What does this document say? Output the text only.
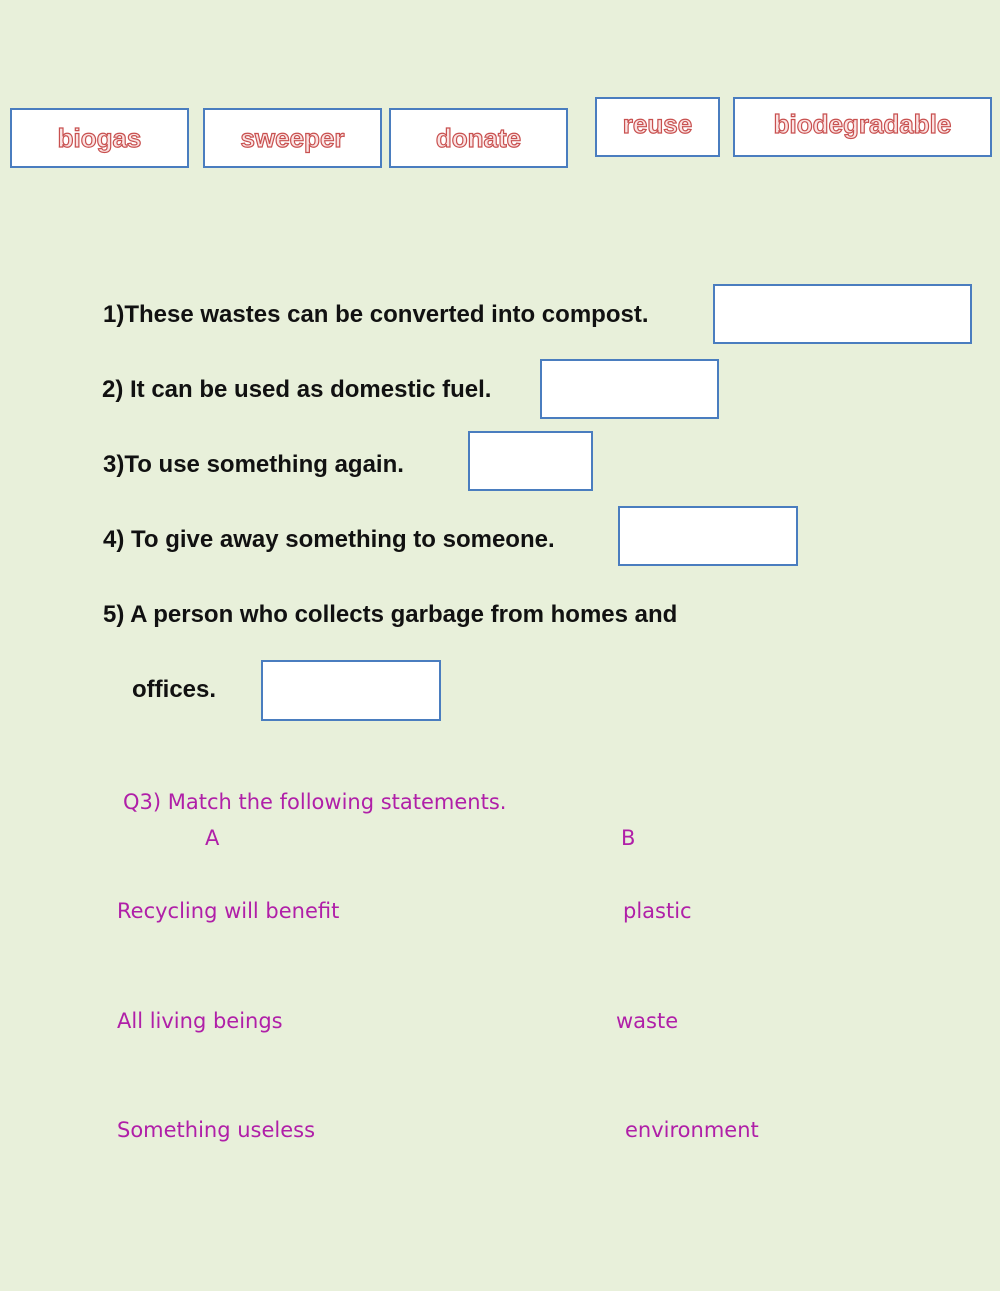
biogas	sweeper	donate	reuse	biodegradable
1)These wastes can be converted into compost.
2) It can be used as domestic fuel.
3)To use something again.
4) To give away something to someone.
5) A person who collects garbage from homes and
offices.
Q3) Match the following statements.
A	B
Recycling will benefit	plastic
All living beings	waste
Something useless	environment
